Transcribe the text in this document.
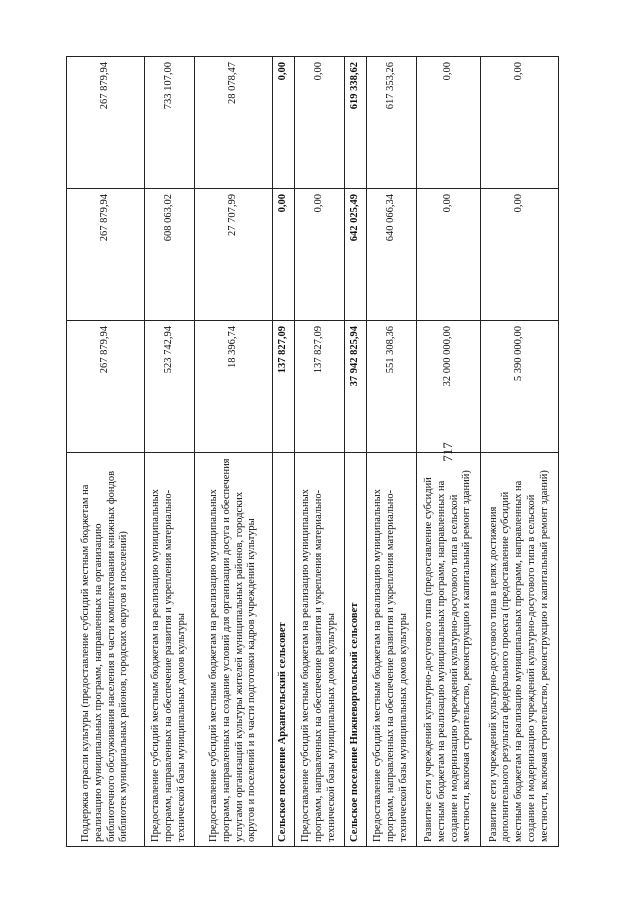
717
Поддержка отрасли культуры (предоставление субсидий местным бюджетам на реализацию муниципальных программ, направленных на организацию библиотечного обслуживания населения в части комплектования книжных фондов библиотек муниципальных районов, городских округов и поселений)	267 879,94	267 879,94	267 879,94
Предоставление субсидий местным бюджетам на реализацию муниципальных программ, направленных на обеспечение развития и укрепления материально-технической базы муниципальных домов культуры	523 742,94	608 063,02	733 107,00
Предоставление субсидий местным бюджетам на реализацию муниципальных программ, направленных на создание условий для организации досуга и обеспечения услугами организаций культуры жителей муниципальных районов, городских округов и поселений и в части подготовки кадров учреждений культуры	18 396,74	27 707,99	28 078,47
Сельское поселение Архангельский сельсовет	137 827,09	0,00	0,00
Предоставление субсидий местным бюджетам на реализацию муниципальных программ, направленных на обеспечение развития и укрепления материально-технической базы муниципальных домов культуры	137 827,09	0,00	0,00
Сельское поселение Нижневоргольский сельсовет	37 942 825,94	642 025,49	619 338,62
Предоставление субсидий местным бюджетам на реализацию муниципальных программ, направленных на обеспечение развития и укрепления материально-технической базы муниципальных домов культуры	551 308,36	640 066,34	617 353,26
Развитие сети учреждений культурно-досугового типа (предоставление субсидий местным бюджетам на реализацию муниципальных программ, направленных на создание и модернизацию учреждений культурно-досугового типа в сельской местности, включая строительство, реконструкцию и капитальный ремонт зданий)	32 000 000,00	0,00	0,00
Развитие сети учреждений культурно-досугового типа в целях достижения дополнительного результата федерального проекта (предоставление субсидий местным бюджетам на реализацию муниципальных программ, направленных на создание и модернизацию учреждений культурно-досугового типа в сельской местности, включая строительство, реконструкцию и капитальный ремонт зданий)	5 390 000,00	0,00	0,00
